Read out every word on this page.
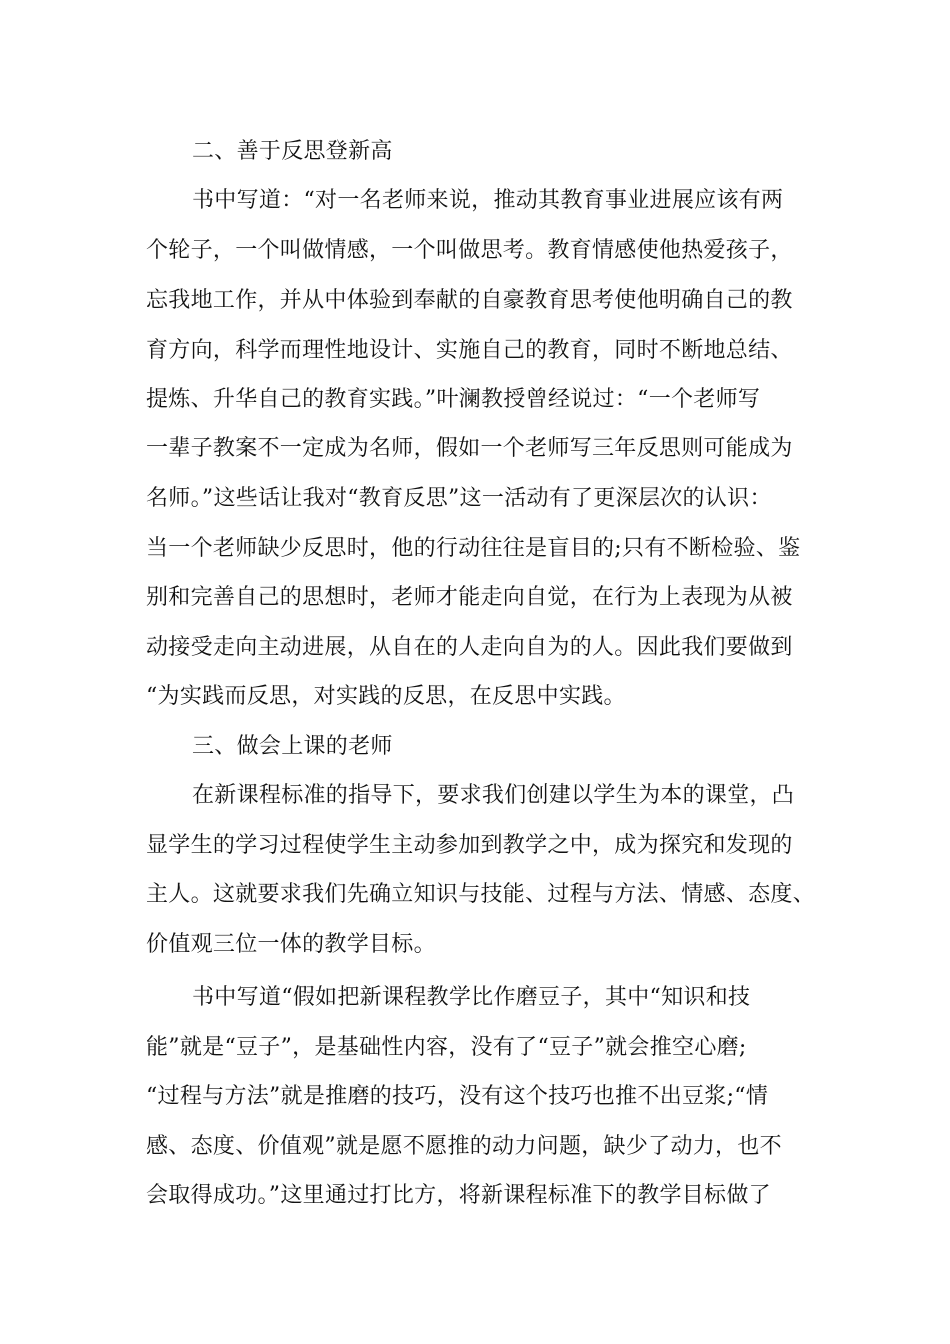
二、善于反思登新高
书中写道：“对一名老师来说，推动其教育事业进展应该有两
个轮子，一个叫做情感，一个叫做思考。教育情感使他热爱孩子，
忘我地工作，并从中体验到奉献的自豪教育思考使他明确自己的教
育方向，科学而理性地设计、实施自己的教育，同时不断地总结、
提炼、升华自己的教育实践。”叶澜教授曾经说过：“一个老师写
一辈子教案不一定成为名师，假如一个老师写三年反思则可能成为
名师。”这些话让我对“教育反思”这一活动有了更深层次的认识：
当一个老师缺少反思时，他的行动往往是盲目的;只有不断检验、鉴
别和完善自己的思想时，老师才能走向自觉，在行为上表现为从被
动接受走向主动进展，从自在的人走向自为的人。因此我们要做到
“为实践而反思，对实践的反思，在反思中实践。
三、做会上课的老师
在新课程标准的指导下，要求我们创建以学生为本的课堂，凸
显学生的学习过程使学生主动参加到教学之中，成为探究和发现的
主人。这就要求我们先确立知识与技能、过程与方法、情感、态度、
价值观三位一体的教学目标。
书中写道“假如把新课程教学比作磨豆子，其中“知识和技
能”就是“豆子”，是基础性内容，没有了“豆子”就会推空心磨;
“过程与方法”就是推磨的技巧，没有这个技巧也推不出豆浆;“情
感、态度、价值观”就是愿不愿推的动力问题，缺少了动力，也不
会取得成功。”这里通过打比方，将新课程标准下的教学目标做了
